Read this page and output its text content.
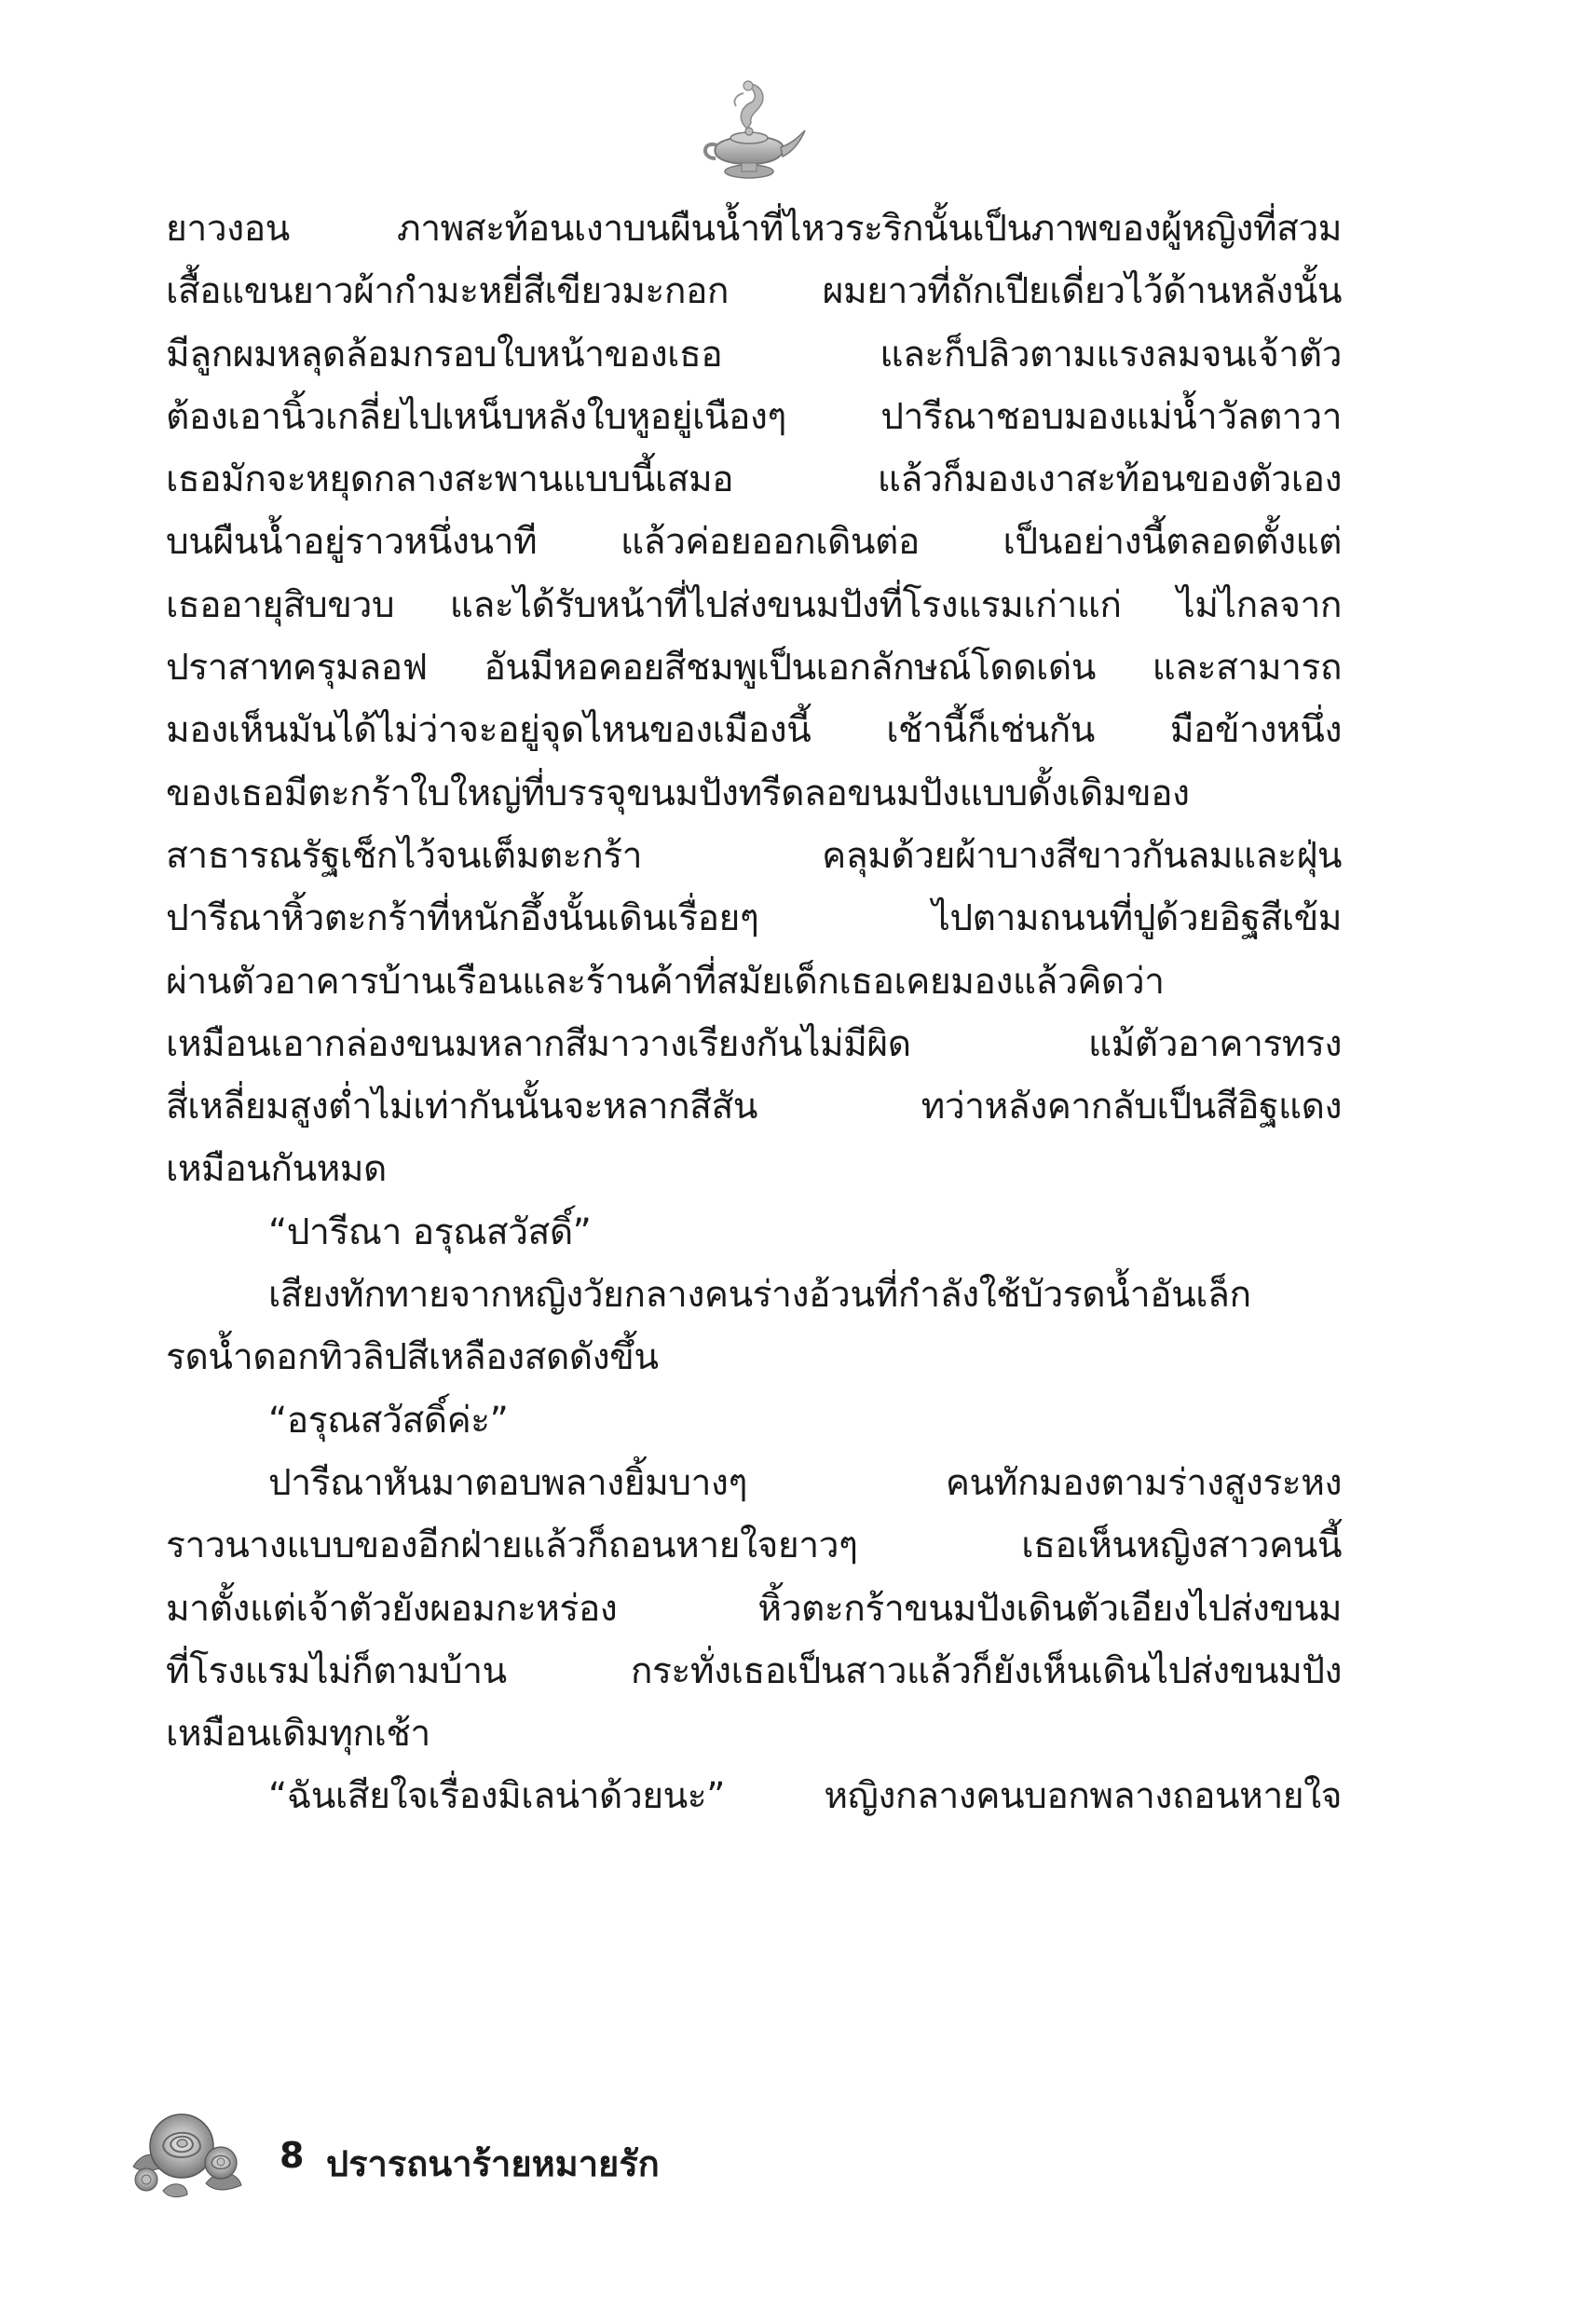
ยาวงอน ภาพสะท้อนเงาบนผืนน้ำที่ไหวระริกนั้นเป็นภาพของผู้หญิงที่สวม
เสื้อแขนยาวผ้ากำมะหยี่สีเขียวมะกอก ผมยาวที่ถักเปียเดี่ยวไว้ด้านหลังนั้น
มีลูกผมหลุดล้อมกรอบใบหน้าของเธอ และก็ปลิวตามแรงลมจนเจ้าตัว
ต้องเอานิ้วเกลี่ยไปเหน็บหลังใบหูอยู่เนืองๆ ปารีณาชอบมองแม่น้ำวัลตาวา
เธอมักจะหยุดกลางสะพานแบบนี้เสมอ แล้วก็มองเงาสะท้อนของตัวเอง
บนผืนน้ำอยู่ราวหนึ่งนาที แล้วค่อยออกเดินต่อ เป็นอย่างนี้ตลอดตั้งแต่
เธออายุสิบขวบ และได้รับหน้าที่ไปส่งขนมปังที่โรงแรมเก่าแก่ ไม่ไกลจาก
ปราสาทครุมลอฟ อันมีหอคอยสีชมพูเป็นเอกลักษณ์โดดเด่น และสามารถ
มองเห็นมันได้ไม่ว่าจะอยู่จุดไหนของเมืองนี้ เช้านี้ก็เช่นกัน มือข้างหนึ่ง
ของเธอมีตะกร้าใบใหญ่ที่บรรจุขนมปังทรีดลอขนมปังแบบดั้งเดิมของ
สาธารณรัฐเช็กไว้จนเต็มตะกร้า คลุมด้วยผ้าบางสีขาวกันลมและฝุ่น
ปารีณาหิ้วตะกร้าที่หนักอึ้งนั้นเดินเรื่อยๆ ไปตามถนนที่ปูด้วยอิฐสีเข้ม
ผ่านตัวอาคารบ้านเรือนและร้านค้าที่สมัยเด็กเธอเคยมองแล้วคิดว่า
เหมือนเอากล่องขนมหลากสีมาวางเรียงกันไม่มีผิด แม้ตัวอาคารทรง
สี่เหลี่ยมสูงต่ำไม่เท่ากันนั้นจะหลากสีสัน ทว่าหลังคากลับเป็นสีอิฐแดง
เหมือนกันหมด
“ปารีณา อรุณสวัสดิ์”
เสียงทักทายจากหญิงวัยกลางคนร่างอ้วนที่กำลังใช้บัวรดน้ำอันเล็ก
รดน้ำดอกทิวลิปสีเหลืองสดดังขึ้น
“อรุณสวัสดิ์ค่ะ”
ปารีณาหันมาตอบพลางยิ้มบางๆ คนทักมองตามร่างสูงระหง
ราวนางแบบของอีกฝ่ายแล้วก็ถอนหายใจยาวๆ เธอเห็นหญิงสาวคนนี้
มาตั้งแต่เจ้าตัวยังผอมกะหร่อง หิ้วตะกร้าขนมปังเดินตัวเอียงไปส่งขนม
ที่โรงแรมไม่ก็ตามบ้าน กระทั่งเธอเป็นสาวแล้วก็ยังเห็นเดินไปส่งขนมปัง
เหมือนเดิมทุกเช้า
“ฉันเสียใจเรื่องมิเลน่าด้วยนะ” หญิงกลางคนบอกพลางถอนหายใจ
8 ปรารถนาร้ายหมายรัก
